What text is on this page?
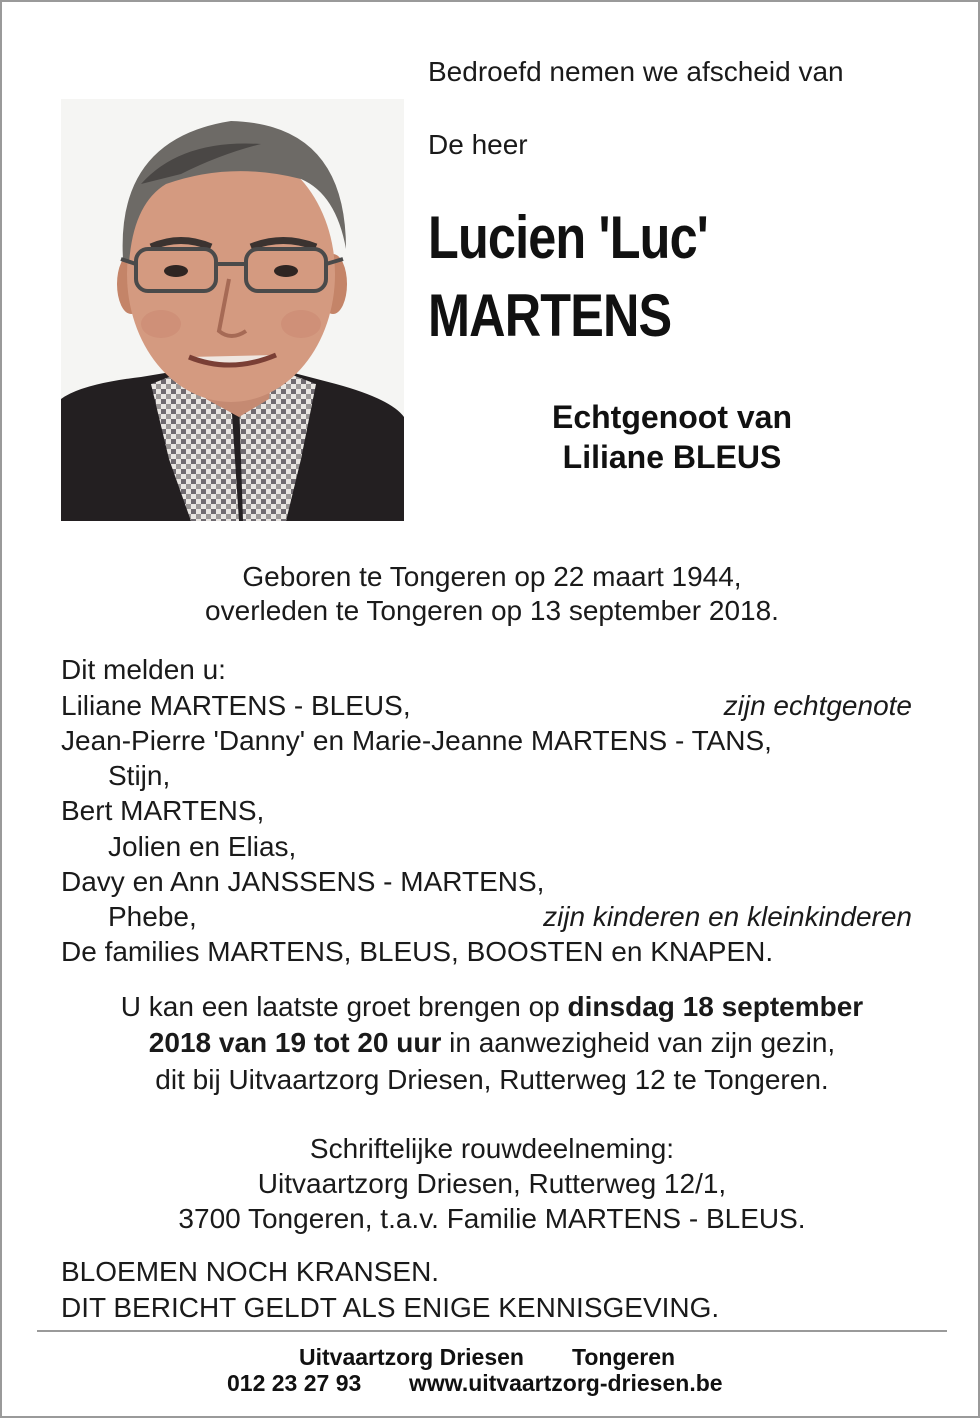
Bedroefd nemen we afscheid van
De heer
Lucien 'Luc'
MARTENS
Echtgenoot van
Liliane BLEUS
Geboren te Tongeren op 22 maart 1944,
overleden te Tongeren op 13 september 2018.
Dit melden u:
Liliane MARTENS - BLEUS,	zijn echtgenote
Jean-Pierre 'Danny' en Marie-Jeanne MARTENS - TANS,
Stijn,
Bert MARTENS,
Jolien en Elias,
Davy en Ann JANSSENS - MARTENS,
Phebe,	zijn kinderen en kleinkinderen
De families MARTENS, BLEUS, BOOSTEN en KNAPEN.
U kan een laatste groet brengen op dinsdag 18 september
2018 van 19 tot 20 uur in aanwezigheid van zijn gezin,
dit bij Uitvaartzorg Driesen, Rutterweg 12 te Tongeren.
Schriftelijke rouwdeelneming:
Uitvaartzorg Driesen, Rutterweg 12/1,
3700 Tongeren, t.a.v. Familie MARTENS - BLEUS.
BLOEMEN NOCH KRANSEN.
DIT BERICHT GELDT ALS ENIGE KENNISGEVING.
Uitvaartzorg Driesen Tongeren
012 23 27 93 www.uitvaartzorg-driesen.be
